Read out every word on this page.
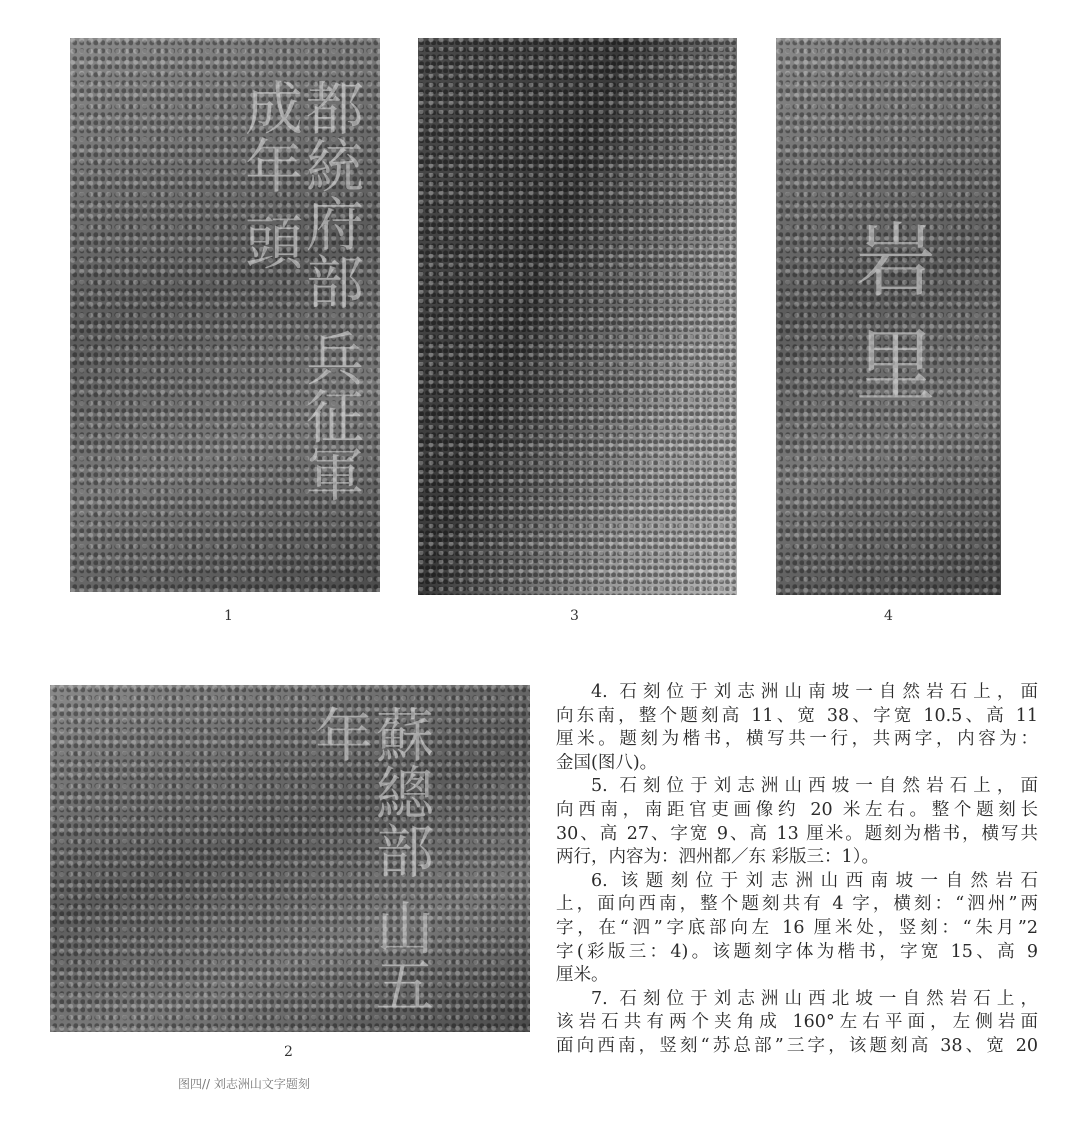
都統府部 兵征軍 成年 頭
1	3
岩 里
4
蘇總部 山五年
2
图四// 刘志洲山文字题刻
4. 石刻位于刘志洲山南坡一自然岩石上，面
向东南，整个题刻高 11、宽 38、字宽 10.5、高 11
厘米。题刻为楷书，横写共一行，共两字，内容为：
金国(图八)。
5. 石刻位于刘志洲山西坡一自然岩石上，面
向西南，南距官吏画像约 20 米左右。整个题刻长
30、高 27、字宽 9、高 13 厘米。题刻为楷书，横写共
两行，内容为：泗州都／东 彩版三：1）。
6. 该题刻位于刘志洲山西南坡一自然岩石
上，面向西南，整个题刻共有 4 字，横刻：“泗州”两
字，在“泗”字底部向左 16 厘米处，竖刻：“朱月”2
字(彩版三：4)。该题刻字体为楷书，字宽 15、高 9
厘米。
7. 石刻位于刘志洲山西北坡一自然岩石上，
该岩石共有两个夹角成 160°左右平面，左侧岩面
面向西南，竖刻“苏总部”三字，该题刻高 38、宽 20
